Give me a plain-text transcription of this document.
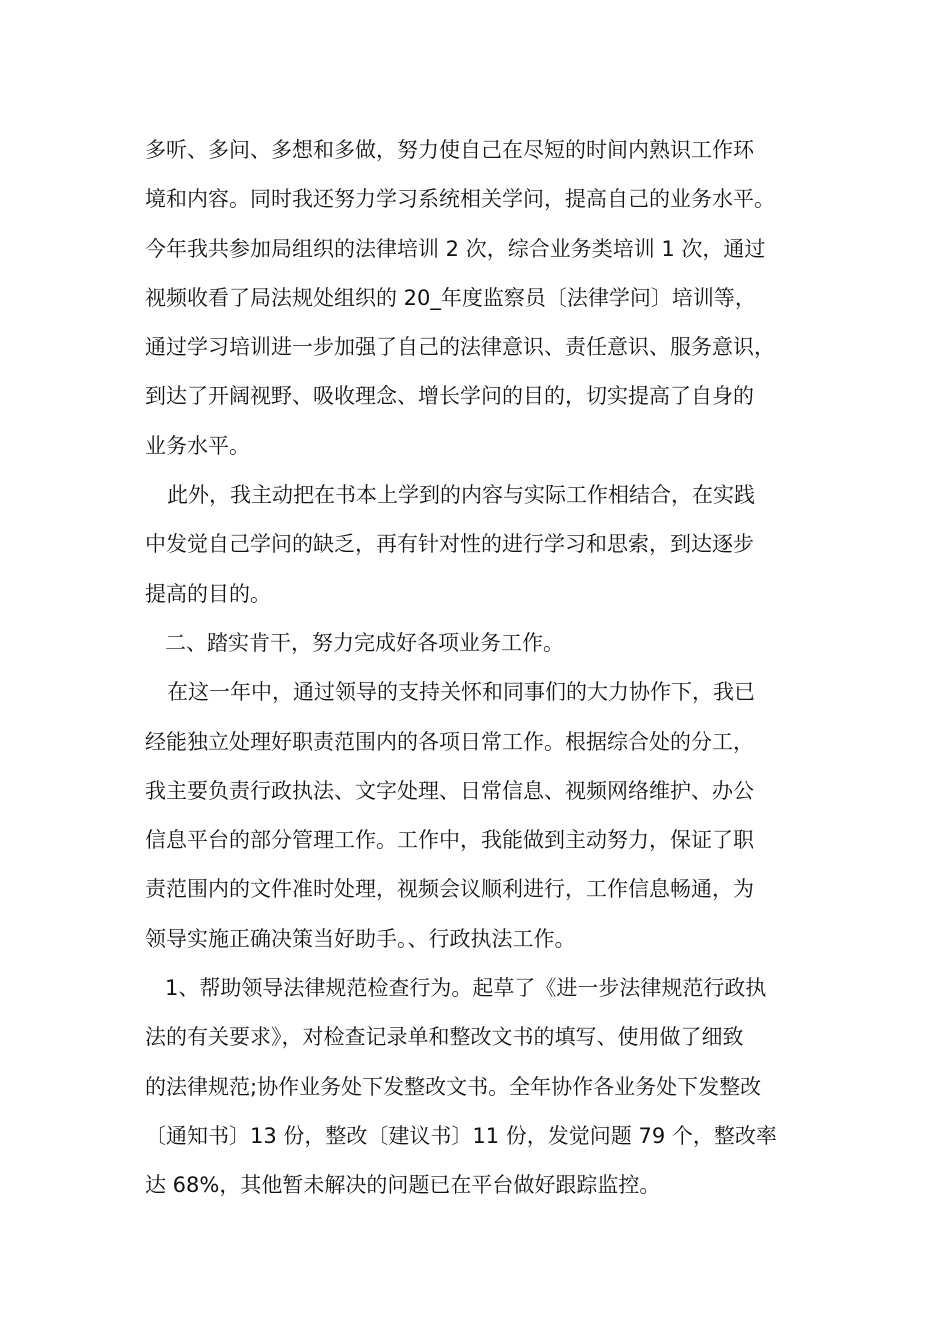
多听、多问、多想和多做，努力使自己在尽短的时间内熟识工作环
境和内容。同时我还努力学习系统相关学问，提高自己的业务水平。
今年我共参加局组织的法律培训 2 次，综合业务类培训 1 次，通过
视频收看了局法规处组织的 20_年度监察员〔法律学问〕培训等，
通过学习培训进一步加强了自己的法律意识、责任意识、服务意识，
到达了开阔视野、吸收理念、增长学问的目的，切实提高了自身的
业务水平。
此外，我主动把在书本上学到的内容与实际工作相结合，在实践
中发觉自己学问的缺乏，再有针对性的进行学习和思索，到达逐步
提高的目的。
二、踏实肯干，努力完成好各项业务工作。
在这一年中，通过领导的支持关怀和同事们的大力协作下，我已
经能独立处理好职责范围内的各项日常工作。根据综合处的分工，
我主要负责行政执法、文字处理、日常信息、视频网络维护、办公
信息平台的部分管理工作。工作中，我能做到主动努力，保证了职
责范围内的文件准时处理，视频会议顺利进行，工作信息畅通，为
领导实施正确决策当好助手。、行政执法工作。
1、帮助领导法律规范检查行为。起草了《进一步法律规范行政执
法的有关要求》，对检查记录单和整改文书的填写、使用做了细致
的法律规范;协作业务处下发整改文书。全年协作各业务处下发整改
〔通知书〕13 份，整改〔建议书〕11 份，发觉问题 79 个，整改率
达 68%，其他暂未解决的问题已在平台做好跟踪监控。
